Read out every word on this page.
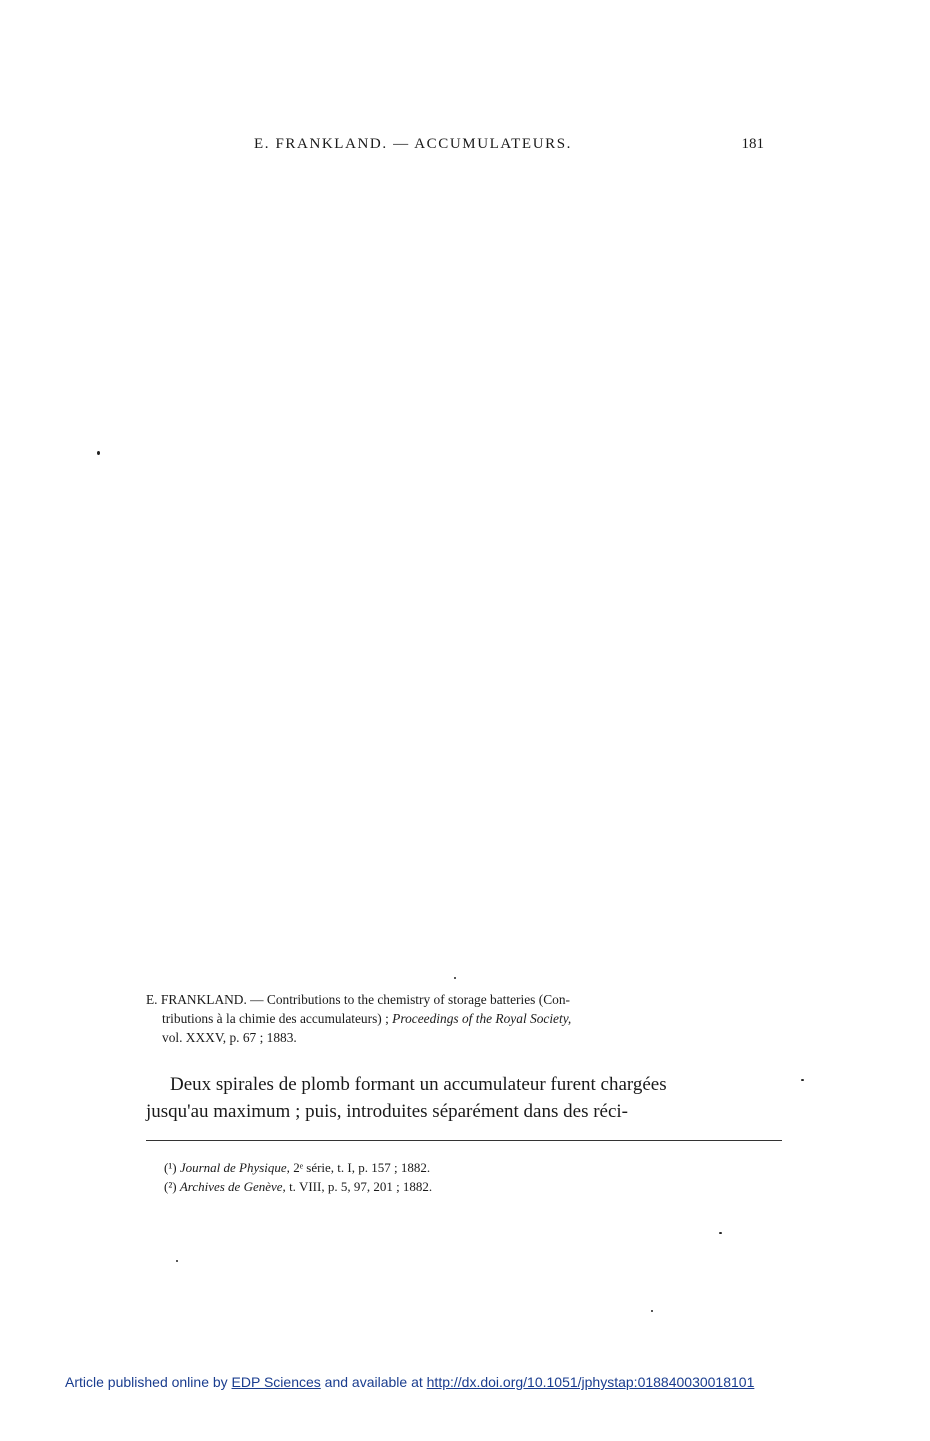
E. FRANKLAND. — ACCUMULATEURS.	181
E. FRANKLAND. — Contributions to the chemistry of storage batteries (Con-
tributions à la chimie des accumulateurs) ; Proceedings of the Royal Society,
vol. XXXV, p. 67 ; 1883.
Deux spirales de plomb formant un accumulateur furent chargées
jusqu'au maximum ; puis, introduites séparément dans des réci-
(¹) Journal de Physique, 2ᵉ série, t. I, p. 157 ; 1882.
(²) Archives de Genève, t. VIII, p. 5, 97, 201 ; 1882.
Article published online by EDP Sciences and available at http://dx.doi.org/10.1051/jphystap:018840030018101
